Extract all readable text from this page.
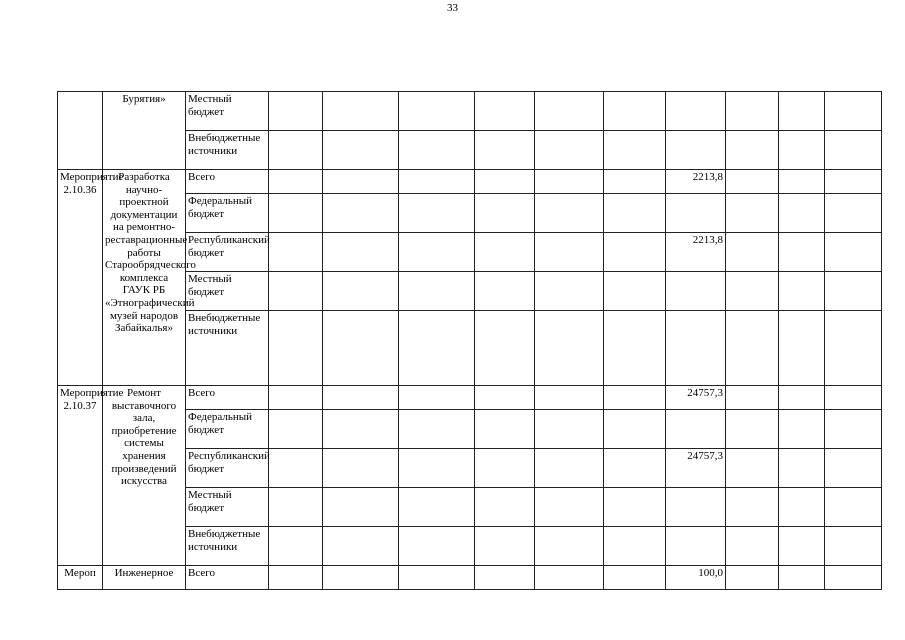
33
	Бурятия»	Местный бюджет										
		Внебюджетные источники										
Мероприятие 2.10.36	Разработка научно-проектной документации на ремонтно-реставрационные работы Старообрядческого комплекса ГАУК РБ «Этнографический музей народов Забайкалья»	Всего							2213,8			
		Федеральный бюджет										
		Республиканский бюджет							2213,8			
		Местный бюджет										
		Внебюджетные источники										
Мероприятие 2.10.37	Ремонт выставочного зала, приобретение системы хранения произведений искусства	Всего							24757,3			
		Федеральный бюджет										
		Республиканский бюджет							24757,3			
		Местный бюджет										
		Внебюджетные источники										
Мероп	Инженерное	Всего							100,0			
